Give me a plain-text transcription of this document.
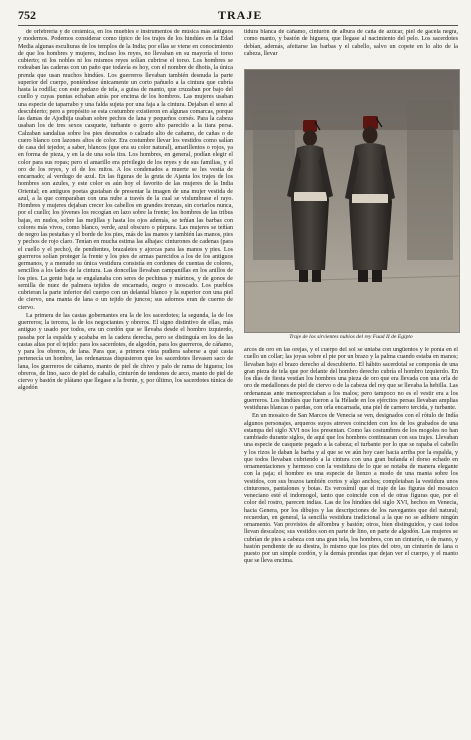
752	TRAJE

de orfebrería y de cerámica, en los muebles e instrumentos de música más antiguos y modernos. Podemos considerar como típico de los trajes de los hindúes en la Edad Media algunas esculturas de los templos de la India; por ellas se viene en conocimiento de que los hombres y mujeres, incluso los reyes, no llevaban en su mayoría el torso cubierto; ni los nobles ni los mismos reyes solían cubrirse el torso. Los hombres se rodeaban las caderas con un paño que todavía es hoy, con el nombre de dhotis, la única prenda que usan muchos hindúes. Los guerreros llevaban también desnuda la parte superior del cuerpo, poniéndose únicamente un corto pañuelo a la cintura que cubría hasta la rodilla; con este pedazo de tela, a guisa de manto, que cruzaban por bajo del cuello y cuyas puntas echaban atrás por encima de los hombros. Las mujeres usaban una especie de taparrabo y una falda sujeta por una faja a la cintura. Dejaban el seno al descubierto; pero a propósito se esta costumbre existieron en algunas comarcas, porque las damas de Ajodhija usaban sobre pechos de lana y pequeños corsés. Para la cabeza usaban los de tres sexos casquete, turbante o gorro alto parecido a la tiara persa. Calzaban sandalias sobre los pies desnudos o calzado alto de cañamo, de cañas o de cuero blanco con lazones altos de color. Era costumbre llevar los vestidos como salían de casa del tejedor, a saber, blancos (que era su color natural), amarillentos o rojos, ya en forma de pieza, y en la de una sola tira. Los hombres, en general, podían elegir el color para sus ropas; pero el amarillo era privilegio de los reyes y de sus familias, y el oro de los reyes, y el de los mitos. A los condenados a muerte se les vestía de encarnado; al verdugo de azul. En las figuras de la gruta de Ajanta los trajes de los hombres son azules, y este color es aún hoy el favorito de las mujeres de la India Oriental; en antiguos poetas gustaban de presentar la imagen de una mujer vestida de azul, a la que comparaban con una nube a través de la cual se vislumbrase el rayo. Hombres y mujeres dejaban crecer los cabellos en grandes trenzas, sin cortarlos nunca, por el cuello; los jóvenes los recogían en lazo sobre la frente; los hombres de las tribus bajas, en nudos, sobre las mejillas y hasta los ojos además, se teñían las barbas con colores más vivos, como blanco, verde, azul obscuro o púrpura. Las mujeres se teñían de negro las pestañas y el borde de los pies, más de las manos y también las manos, pies y pechos de rojo claro. Tenían en mucha estima las alhajas: cinturones de cadenas (para el cuello y el pecho), de pendientes, brazaletes y ajorcas para las manos y pies. Los guerreros solían proteger la frente y los pies de armas parecidos a los de los antiguos germanos, y a menudo su única vestidura consistía en cordones de cuentas de colores, sencillos a los lados de la cintura. Las doncellas llevaban campanillas en los anillos de los pies. La gente baja se engalanaba con seres de pechinas y márinos, y de gonos de semilla de nuez de palmera tejidos de encarnado, negro o moscado. Los pueblos cubrieran la parte inferior del cuerpo con un delantal blanco y la superior con una piel de ciervo, una manta de lana o un tejido de juncos; sus adornos eran de cuerno de ciervo.

La primera de las castas gobernantes era la de los sacerdotes; la segunda, la de los guerreros; la tercera, la de los negociantes y obreros. El signo distintivo de ellas, más antiguo y usado por todos, era un cordón que se llevaba desde el hombro izquierdo, pasaba por la espalda y acababa en la cadera derecha, pero se distinguía en los de las castas altas por el tejido: para los sacerdotes, de algodón, para los guerreros, de cáñamo, y para los obreros, de lana. Para que, a primera vista pudiera saberse a qué casta pertenecía un hombre, las ordenanzas dispusieron que los sacerdotes llevasen saco de lana, los guerreros de cáñamo, manto de piel de chivo y palo de rama de higuera; los obreros, de lino, saco de piel de caballo, cinturón de tendones de arco, manto de piel de ciervo y bastón de plátano que llegase a la frente, y, por último, los sacerdotes túnica de algodón

tidura blanca de cáñamo, cinturón de albura de caña de azúcar, piel de gacela negra, como manto, y bastón de higuera, que llegase al nacimiento del pelo. Los sacerdotes debían, además, afeitarse las barbas y el cabello, salvo un copete en lo alto de la cabeza, llevar

Traje de los sirvientes nubios del rey Fuad II de Egipto

arcos de oro en las orejas, y el cuerpo del sol se untaba con ungüentos y le ponía en el cuello un collar; las joyas sobre el pie por un brazo y la palma cuando estaba en manos; llevaban bajo el brazo derecho al descubierto. El hábito sacerdotal se componía de una gran pieza de tela que por delante del hombro derecho cubría el hombro izquierdo. En los días de fiesta vestían los hombres una pieza de oro que era llevada con una orla de oro de medallones de piel de ciervo o de la cabeza del rey que se llevaba la hebilla. Las ordenanzas ante menospreciaban a los malos; pero tampoco no es el vestir era a los guerreros. Los hindúes que fueron a la Hélade en los ejércitos persas llevaban amplias vestiduras blancas o pardas, con orla encarnada, una piel de carnero tercida, y turbante.

En un mosaico de San Marcos de Venecia se ven, designados con el rótulo de Indía algunos personajes, arqueros suyos atreves coinciden con los de los grabados de una estampa del siglo XVI nos los presentan. Como las costumbres de los mogoles no han cambiado durante siglos, de aquí que los hombres continuaran con sus trajes. Llevaban una especie de casquete pegado a la cabeza; el turbante por lo que se rapaba el cabello y los rizos le daban la barba y al que se ve aún hoy caer hacia arriba por la espalda, y que todos llevaban cubriendo a la cintura con una gran bufanda el dorso echado en ornamentaciones y hermoso con la vestidura de lo que se notaba de manera elegante con la paja; el hombre es una especie de lienzo a modo de una manta sobre los vestidos, con sus brazos también cortos y algo anchos; completaban la vestidura unos cinturones, pantalones y botas. Es verosímil que el traje de las figuras del mosaico veneciano esté el indomogol, tanto que coincide con el de otras figuras que, por el color del rostro, parecen indias. Las de los hindúes del siglo XVI, hechos en Venecia, hacia Genera, por los dibujos y las descripciones de los navegantes que del natural; recuerdan, en general, la sencilla vestidura tradicional a la que no se adhiere ningún ornamento. Van provistos de alfombra y bastón; otros, bien distinguidos, y casi todos llevan descalzos; sus vestidos son en parte de lino, en parte de algodón. Las mujeres se cubrían de pies a cabeza con una gran tela, los hombres, con un cinturón, o de mano, y bastón pendiente de su diestra, lo mismo que los pies del otro, un cinturón de lana o puesto por un simple cordón, y la demás prendas que dejan ver el cuerpo, y el manto que se lleva encima.
